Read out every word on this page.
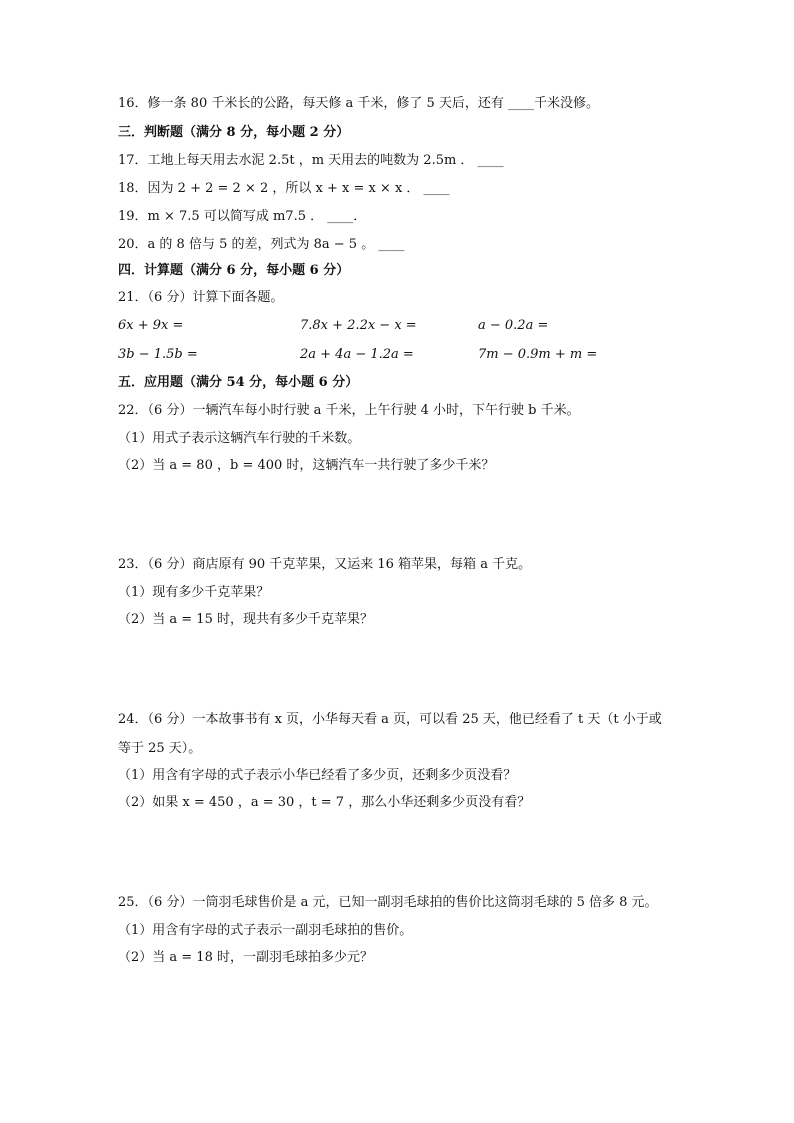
16．修一条 80 千米长的公路，每天修 a 千米，修了 5 天后，还有 ____千米没修。
三．判断题（满分 8 分，每小题 2 分）
17．工地上每天用去水泥 2.5t ，m 天用去的吨数为 2.5m ． ____
18．因为 2 + 2 = 2 × 2 ，所以 x + x = x × x ． ____
19．m × 7.5 可以简写成 m7.5 ． ____．
20．a 的 8 倍与 5 的差，列式为 8a − 5 。 ____
四．计算题（满分 6 分，每小题 6 分）
21．（6 分）计算下面各题。
6x + 9x =	7.8x + 2.2x − x =	a − 0.2a =
3b − 1.5b =	2a + 4a − 1.2a =	7m − 0.9m + m =
五．应用题（满分 54 分，每小题 6 分）
22．（6 分）一辆汽车每小时行驶 a 千米，上午行驶 4 小时，下午行驶 b 千米。
（1）用式子表示这辆汽车行驶的千米数。
（2）当 a = 80 ，b = 400 时，这辆汽车一共行驶了多少千米？
23．（6 分）商店原有 90 千克苹果，又运来 16 箱苹果，每箱 a 千克。
（1）现有多少千克苹果？
（2）当 a = 15 时，现共有多少千克苹果？
24．（6 分）一本故事书有 x 页，小华每天看 a 页，可以看 25 天，他已经看了 t 天（t 小于或
等于 25 天）。
（1）用含有字母的式子表示小华已经看了多少页，还剩多少页没看？
（2）如果 x = 450 ，a = 30 ，t = 7 ，那么小华还剩多少页没有看？
25．（6 分）一筒羽毛球售价是 a 元，已知一副羽毛球拍的售价比这筒羽毛球的 5 倍多 8 元。
（1）用含有字母的式子表示一副羽毛球拍的售价。
（2）当 a = 18 时，一副羽毛球拍多少元？
